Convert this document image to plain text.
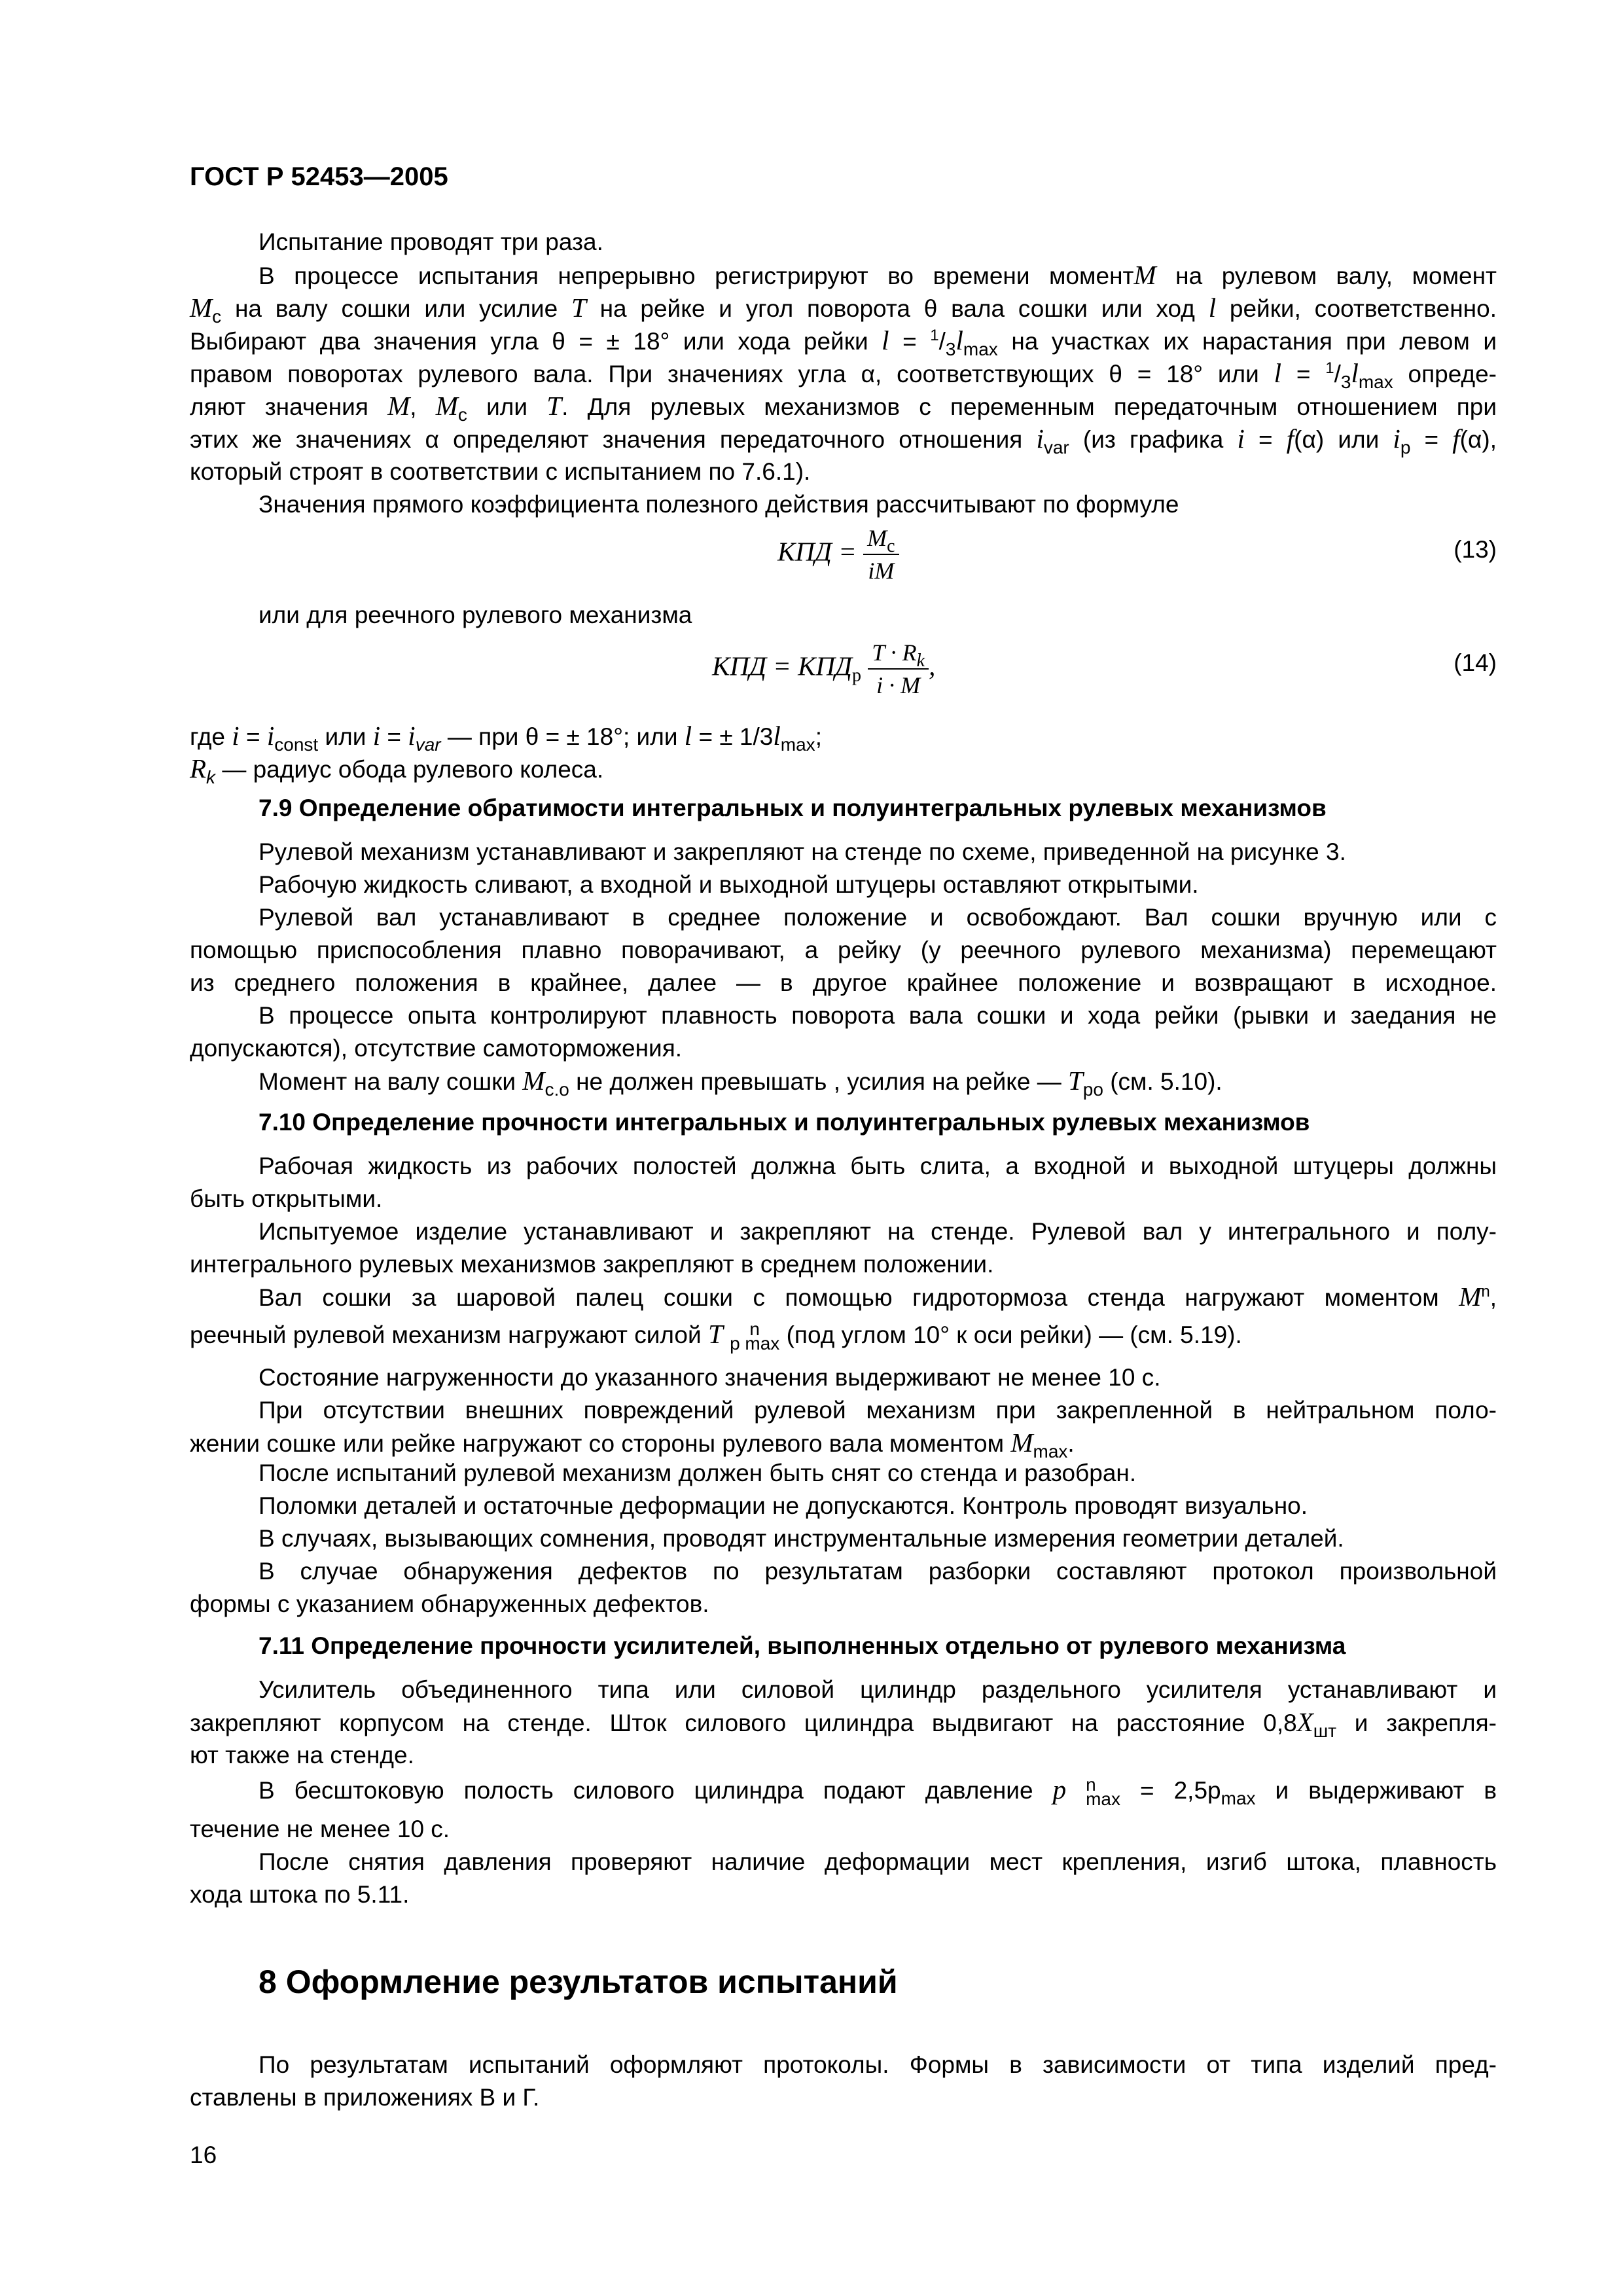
ГОСТ Р 52453—2005
Испытание проводят три раза.
В процессе испытания непрерывно регистрируют во времени моментM на рулевом валу, момент
$M_c$ на валу сошки или усилие T на рейке и угол поворота θ вала сошки или ход l рейки, соответственно.
Выбирают два значения угла θ = ± 18° или хода рейки $l = ^1/_3l_{max}$ на участках их нарастания при левом и
правом поворотах рулевого вала. При значениях угла α, соответствующих θ = 18° или $l = ^1/_3l_{max}$ опреде-
ляют значения M, $M_c$ или T. Для рулевых механизмов с переменным передаточным отношением при
этих же значениях α определяют значения передаточного отношения $i_{var}$ (из графика i = f(α) или $i_p = f(\alpha)$,
который строят в соответствии с испытанием по 7.6.1).
Значения прямого коэффициента полезного действия рассчитывают по формуле
КПД = $\frac{M_c}{iM}$	(13)
или для реечного рулевого механизма
КПД = $КПД_р \frac{T \cdot R_k}{i \cdot M}$ ,	(14)
где $i = i_{const}$ или $i = i_{var}$ — при θ = ± 18°; или l = ± $1/3l_{max}$;
$R_k$ — радиус обода рулевого колеса.
7.9 Определение обратимости интегральных и полуинтегральных рулевых механизмов
Рулевой механизм устанавливают и закрепляют на стенде по схеме, приведенной на рисунке 3.
Рабочую жидкость сливают, а входной и выходной штуцеры оставляют открытыми.
Рулевой вал устанавливают в среднее положение и освобождают. Вал сошки вручную или с
помощью приспособления плавно поворачивают, а рейку (у реечного рулевого механизма) перемещают
из среднего положения в крайнее, далее — в другое крайнее положение и возвращают в исходное.
В процессе опыта контролируют плавность поворота вала сошки и хода рейки (рывки и заедания не
допускаются), отсутствие самоторможения.
Момент на валу сошки $M_{c.o}$ не должен превышать , усилия на рейке — $T_{po}$ (см. 5.10).
7.10 Определение прочности интегральных и полуинтегральных рулевых механизмов
Рабочая жидкость из рабочих полостей должна быть слита, а входной и выходной штуцеры должны
быть открытыми.
Испытуемое изделие устанавливают и закрепляют на стенде. Рулевой вал у интегрального и полу-
интегрального рулевых механизмов закрепляют в среднем положении.
Вал сошки за шаровой палец сошки с помощью гидротормоза стенда нагружают моментом $M^n$,
реечный рулевой механизм нагружают силой T	n
p max (под углом 10° к оси рейки) — (см. 5.19).
Состояние нагруженности до указанного значения выдерживают не менее 10 с.
При отсутствии внешних повреждений рулевой механизм при закрепленной в нейтральном поло-
жении сошке или рейке нагружают со стороны рулевого вала моментом $M_{max}$.
После испытаний рулевой механизм должен быть снят со стенда и разобран.
Поломки деталей и остаточные деформации не допускаются. Контроль проводят визуально.
В случаях, вызывающих сомнения, проводят инструментальные измерения геометрии деталей.
В случае обнаружения дефектов по результатам разборки составляют протокол произвольной
формы с указанием обнаруженных дефектов.
7.11 Определение прочности усилителей, выполненных отдельно от рулевого механизма
Усилитель объединенного типа или силовой цилиндр раздельного усилителя устанавливают и
закрепляют корпусом на стенде. Шток силового цилиндра выдвигают на расстояние $0,8X_{шт}$ и закрепля-
ют также на стенде.
В бесштоковую полость силового цилиндра подают давление p n
$\max = 2,5p_{max}$ и выдерживают в
течение не менее 10 с.
После снятия давления проверяют наличие деформации мест крепления, изгиб штока, плавность
хода штока по 5.11.
8 Оформление результатов испытаний
По результатам испытаний оформляют протоколы. Формы в зависимости от типа изделий пред-
ставлены в приложениях В и Г.
16
